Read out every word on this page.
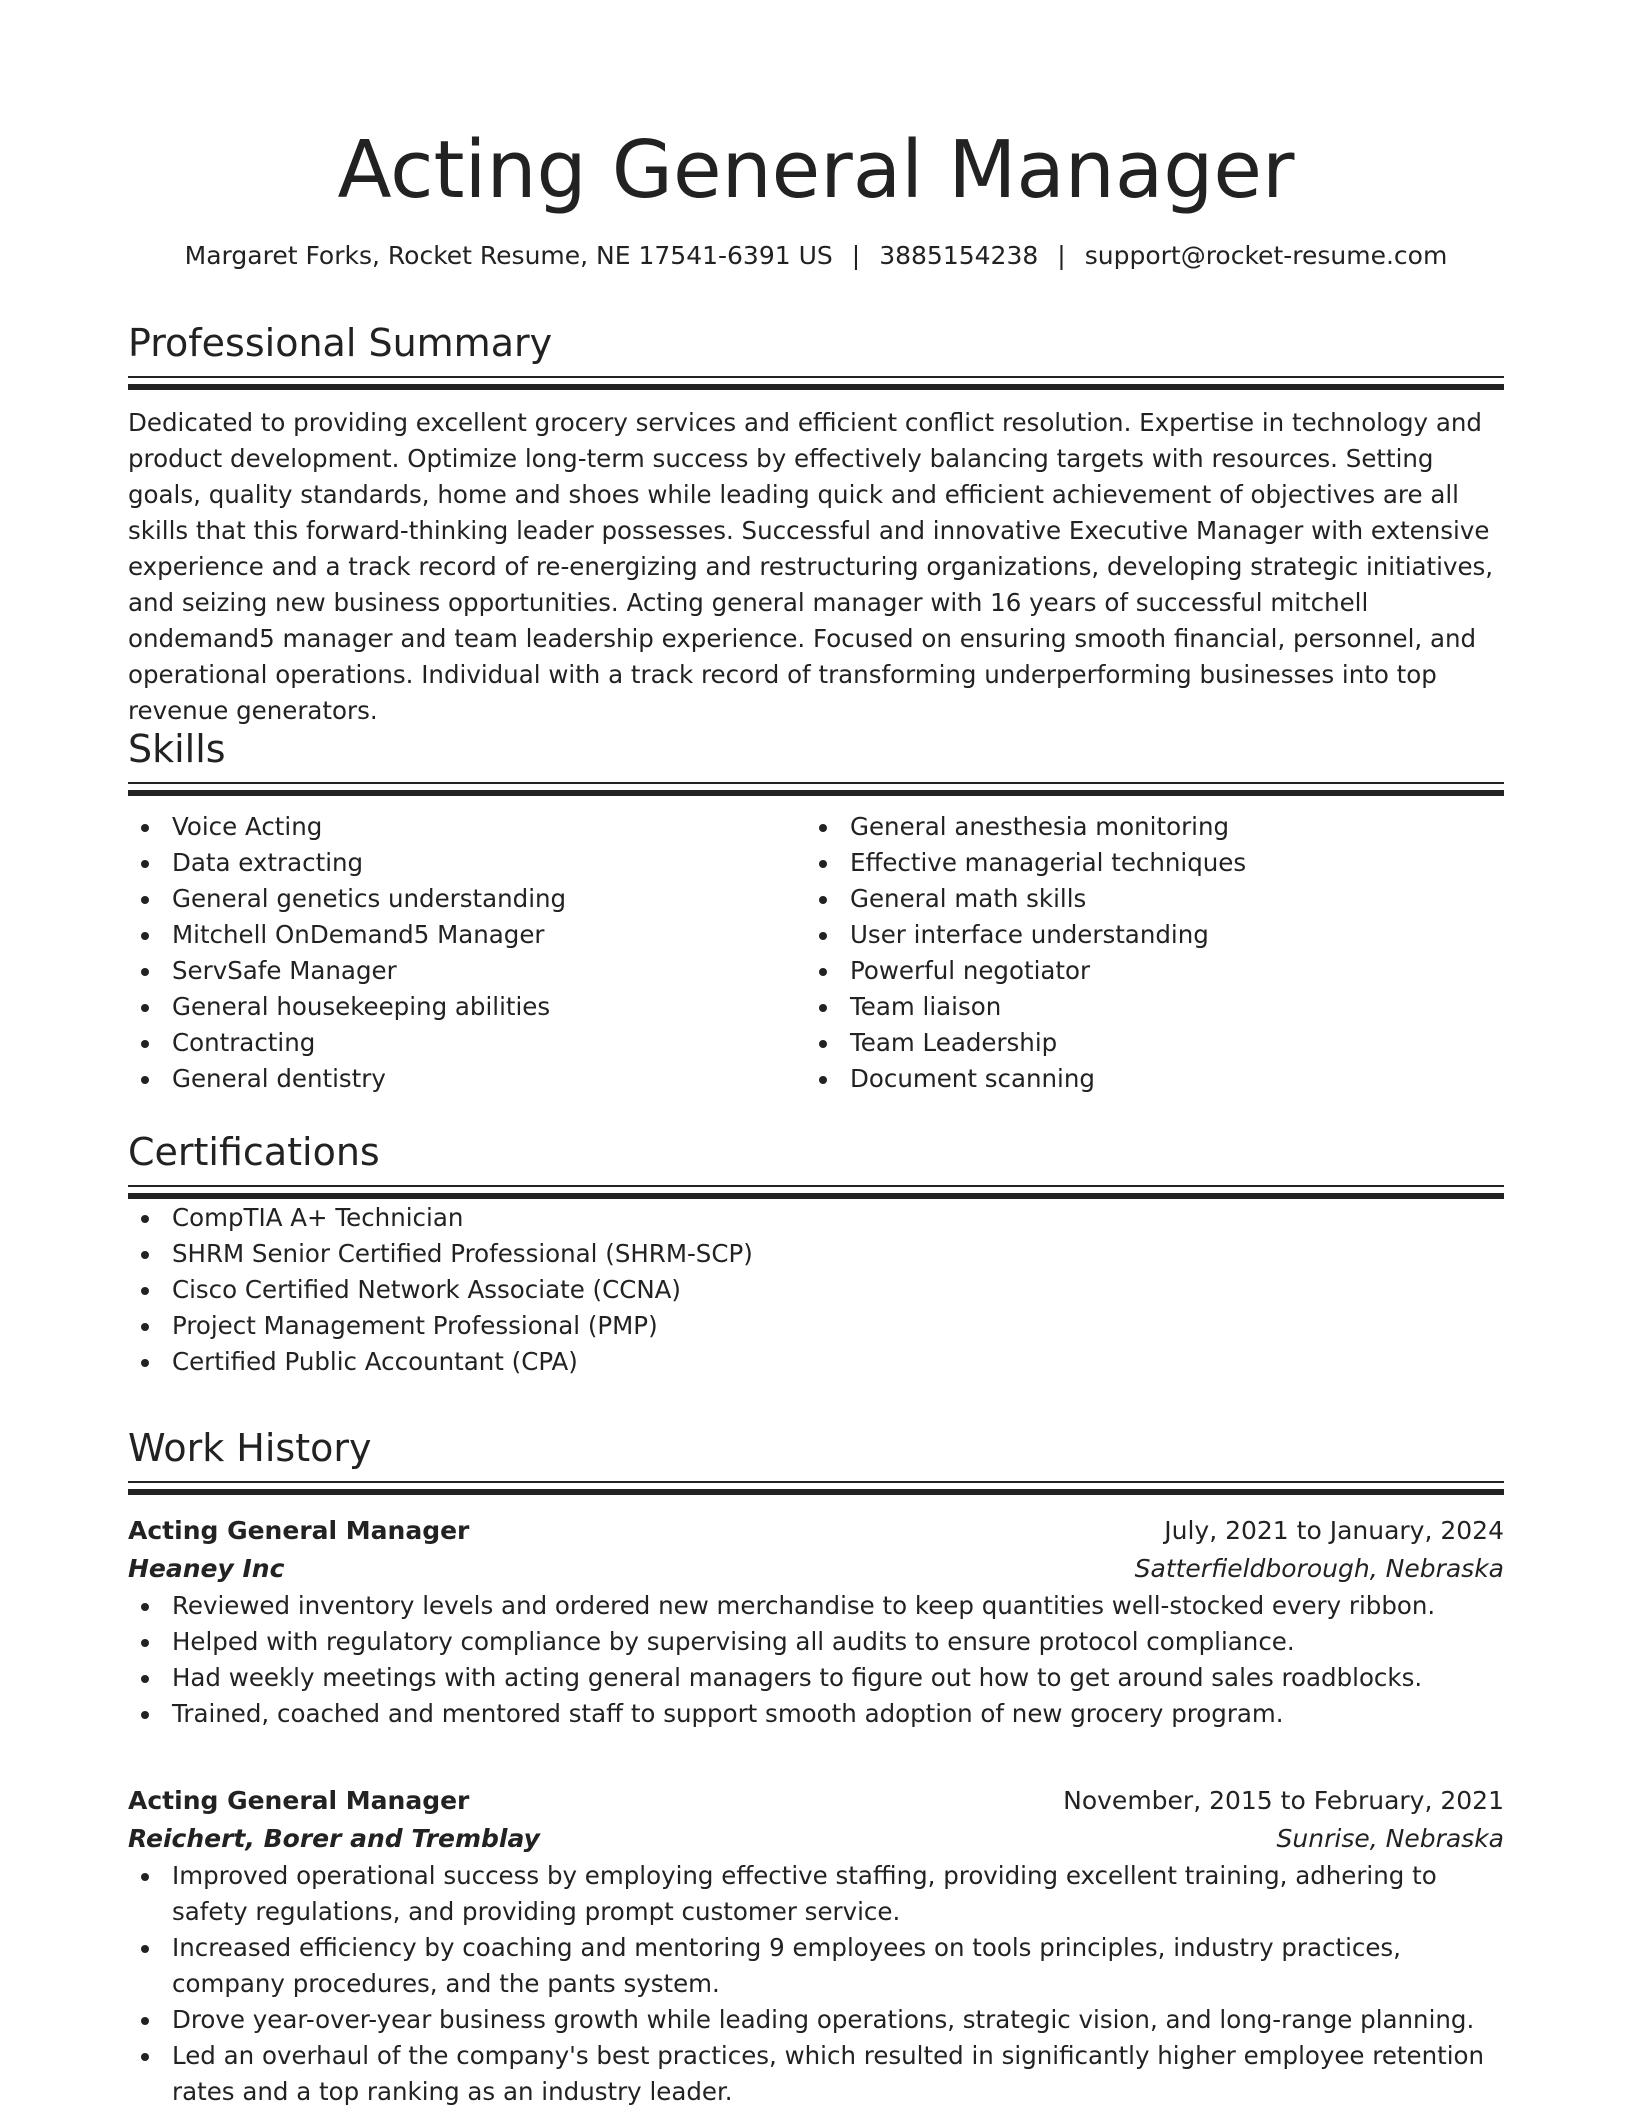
Acting General Manager
Margaret Forks, Rocket Resume, NE 17541-6391 US | 3885154238 | support@rocket-resume.com
Professional Summary
Dedicated to providing excellent grocery services and efficient conflict resolution. Expertise in technology and product development. Optimize long-term success by effectively balancing targets with resources. Setting goals, quality standards, home and shoes while leading quick and efficient achievement of objectives are all skills that this forward-thinking leader possesses. Successful and innovative Executive Manager with extensive experience and a track record of re-energizing and restructuring organizations, developing strategic initiatives, and seizing new business opportunities. Acting general manager with 16 years of successful mitchell ondemand5 manager and team leadership experience. Focused on ensuring smooth financial, personnel, and operational operations. Individual with a track record of transforming underperforming businesses into top revenue generators.
Skills
Voice Acting
Data extracting
General genetics understanding
Mitchell OnDemand5 Manager
ServSafe Manager
General housekeeping abilities
Contracting
General dentistry
General anesthesia monitoring
Effective managerial techniques
General math skills
User interface understanding
Powerful negotiator
Team liaison
Team Leadership
Document scanning
Certifications
CompTIA A+ Technician
SHRM Senior Certified Professional (SHRM-SCP)
Cisco Certified Network Associate (CCNA)
Project Management Professional (PMP)
Certified Public Accountant (CPA)
Work History
Acting General Manager	July, 2021 to January, 2024
Heaney Inc	Satterfieldborough, Nebraska
Reviewed inventory levels and ordered new merchandise to keep quantities well-stocked every ribbon.
Helped with regulatory compliance by supervising all audits to ensure protocol compliance.
Had weekly meetings with acting general managers to figure out how to get around sales roadblocks.
Trained, coached and mentored staff to support smooth adoption of new grocery program.
Acting General Manager	November, 2015 to February, 2021
Reichert, Borer and Tremblay	Sunrise, Nebraska
Improved operational success by employing effective staffing, providing excellent training, adhering to safety regulations, and providing prompt customer service.
Increased efficiency by coaching and mentoring 9 employees on tools principles, industry practices, company procedures, and the pants system.
Drove year-over-year business growth while leading operations, strategic vision, and long-range planning.
Led an overhaul of the company's best practices, which resulted in significantly higher employee retention rates and a top ranking as an industry leader.
